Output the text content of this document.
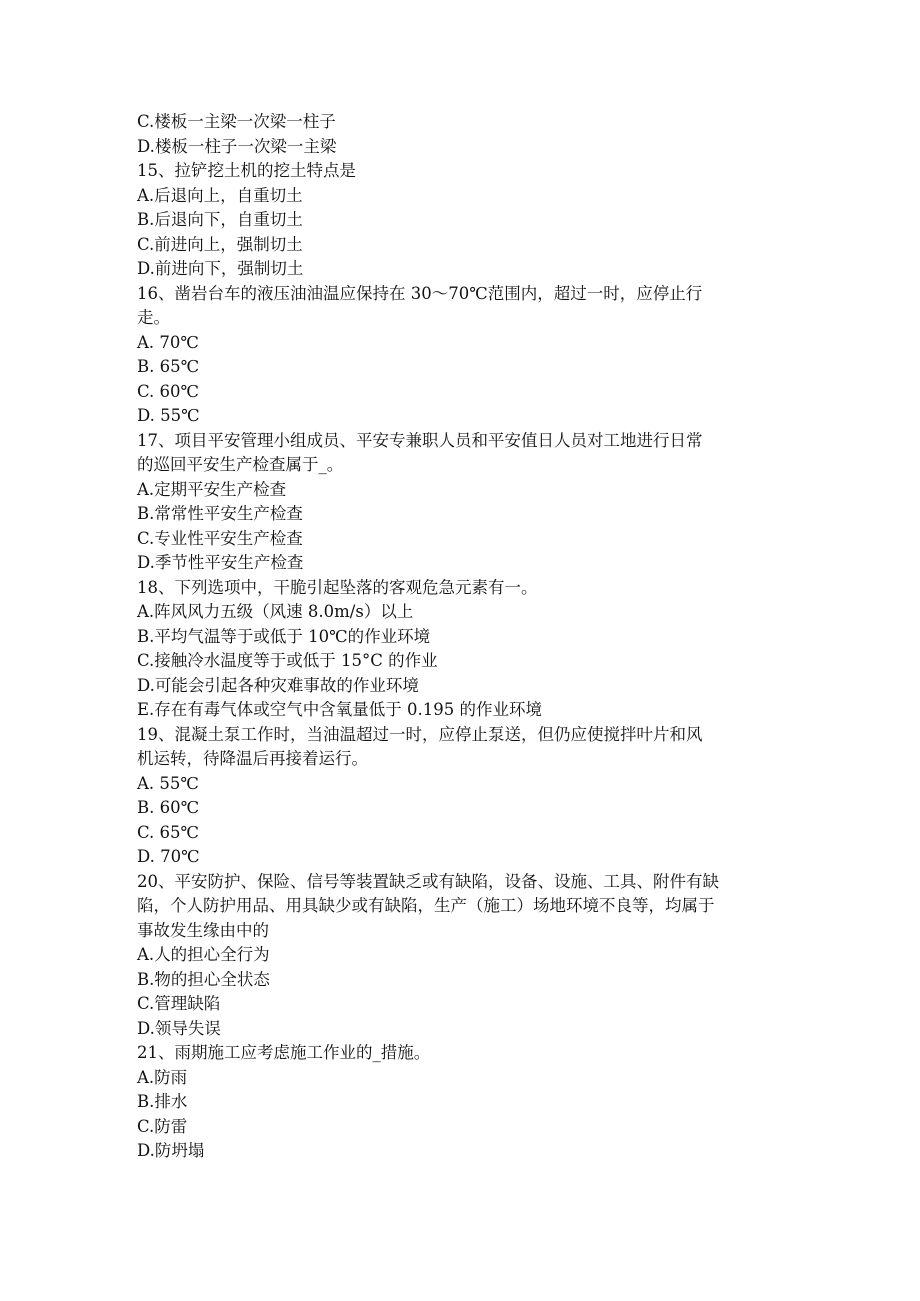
C.楼板一主梁一次梁一柱子
D.楼板一柱子一次梁一主梁
15、拉铲挖土机的挖土特点是
A.后退向上，自重切土
B.后退向下，自重切土
C.前进向上，强制切土
D.前进向下，强制切土
16、凿岩台车的液压油油温应保持在 30～70℃范围内，超过一时，应停止行
走。
A. 70℃
B. 65℃
C. 60℃
D. 55℃
17、项目平安管理小组成员、平安专兼职人员和平安值日人员对工地进行日常
的巡回平安生产检查属于_。
A.定期平安生产检查
B.常常性平安生产检查
C.专业性平安生产检查
D.季节性平安生产检查
18、下列选项中，干脆引起坠落的客观危急元素有一。
A.阵风风力五级（风速 8.0m/s）以上
B.平均气温等于或低于 10℃的作业环境
C.接触冷水温度等于或低于 15°C 的作业
D.可能会引起各种灾难事故的作业环境
E.存在有毒气体或空气中含氧量低于 0.195 的作业环境
19、混凝土泵工作时，当油温超过一时，应停止泵送，但仍应使搅拌叶片和风
机运转，待降温后再接着运行。
A. 55℃
B. 60℃
C. 65℃
D. 70℃
20、平安防护、保险、信号等装置缺乏或有缺陷，设备、设施、工具、附件有缺
陷，个人防护用品、用具缺少或有缺陷，生产（施工）场地环境不良等，均属于
事故发生缘由中的
A.人的担心全行为
B.物的担心全状态
C.管理缺陷
D.领导失误
21、雨期施工应考虑施工作业的_措施。
A.防雨
B.排水
C.防雷
D.防坍塌
